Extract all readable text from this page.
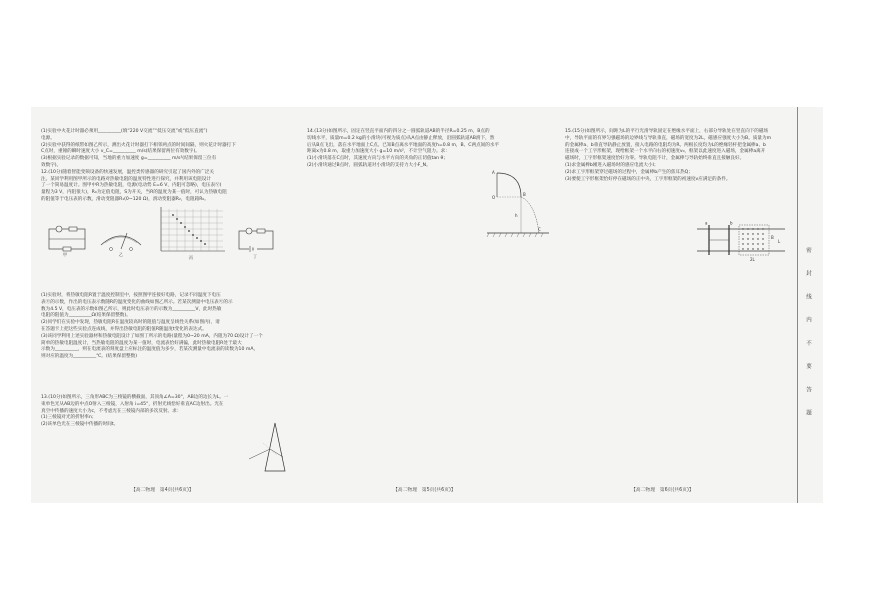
(1)实验中火花计时器必须用__________(填“220 V交流”“低压交流”或“低压直流”)
电源。
(2)实验中获得的纸带如图乙所示，测出火花计时器打下相邻两点的时间间隔，则火花计时器打下
C点时，重锤的瞬时速度大小 v_C=__________ m/s(结果保留两位有效数字)。
(3)根据实验记录的数据可知，当地的重力加速度 g=__________ m/s²(结果保留三位有
效数字)。
12.(10分)随着智能变频设备的快速发展，温控类传感器的研究引起了国内外的广泛关
注。某同学利用图甲所示的电路对热敏电阻的温度特性进行探究，并利用该电阻设计
了一个简易温度计。图甲中R为热敏电阻，电源(电动势 E=6 V，内阻可忽略)，电压表Ⓥ(
量程为3 V，内阻很大)，R₀为定值电阻，S为开关，当R的温度为某一值时，可认为热敏电阻
的阻值等于电压表的示数，滑动变阻器R₁(0~120 Ω)，滑动变阻器R₂，电阻箱R₀。
甲	乙
丙	丁
(1)实验时，将热敏电阻R置于温度控制室中，按照图甲连接好电路，记录不同温度下电压
表Ⓥ的示数，作出的电压表示数随R的温度变化的曲线如图乙所示。若某次测量中电压表Ⓥ的示
数为4.5 V，电压表的示数如图乙所示，则此时电压表Ⓥ的示数为__________V，此时热敏
电阻的阻值为__________Ω(结果保留整数)。
(2)同学们在实验中发现，热敏电阻R在温度较高时的阻值与温度呈线性关系(如图丙)，请
在答题卡上把这些实验点连成线，并得出热敏电阻的阻值R随温度t变化的表达式。
(3)该同学利用上述实验器材和热敏电阻设计了如图丁所示的电路(量程为0~20 mA，内阻为70 Ω)设计了一个
简单的热敏电阻温度计，当热敏电阻的温度为某一值时，电流表恰好满偏，此时热敏电阻R处于最大
示数为__________，则在电流表的刻度盘上应标注的温度值为多少，若某次测量中电流表的读数为10 mA，
则对应的温度为__________℃。(结果保留整数)
13.(10分)如图所示，三角形ABC为三棱镜的横截面，其顶角∠A=30°，AB边的边长为L。一
束单色光从AB边的中点O射入三棱镜，入射角 i=45°，折射光线恰好垂直AC边射出。光在
真空中传播的速度大小为c，不考虑光在三棱镜内部的多次反射。求：
(1)三棱镜对光的折射率n；
(2)该单色光在三棱镜中传播的时间t。
【高二物理　第4页(共6页)】
14.(13分)如图所示，固定在竖直平面内的四分之一圆弧轨道AB的半径R=0.25 m，B点的
切线水平，质量m=0.2 kg的小滑块(可视为质点)从A点由静止释放，沿圆弧轨道AB滑下，然
后从B点飞出，落在水平地面上C点。已知B点离水平地面的高度h=0.8 m，B、C两点间的水平
距离x为0.8 m，取重力加速度大小 g=10 m/s²，不计空气阻力。求：
(1)小滑块落在C点时，其速度方向与水平方向的夹角的正切值tan θ；
(2)小滑块通过B点时，圆弧轨道对小滑块的支持力大小F_N。
A
O
B
h
C
【高二物理　第5页(共6页)】
15.(15分)如图所示，间距为L的平行光滑导轨固定在绝缘水平面上，右部分导轨处在竖直向下的磁场
中，导轨平面的有界匀强磁场的边界线与导轨垂直，磁场的宽度为2L，磁感应强度大小为B。质量为m
的金属棒a、b垂直导轨静止放置，接入电路的电阻均为R。两根长度均为L的绝缘轻杆把金属棒a、b
连接成一个工字形框架，现给框架一个水平向右的初速度v₀，框架以此速度进入磁场，金属棒a离开
磁场时，工字形框架速度恰好为零。导轨电阻不计，金属棒与导轨始终垂直且接触良好。
(1)求金属棒b刚进入磁场时的感应电流大小I；
(2)求工字形框架穿过磁场的过程中，金属棒b产生的焦耳热Q；
(3)要使工字形框架恰好停在磁场的正中央，工字形框架的初速度v应满足的条件。
a	b
B
L
2L
【高二物理　第6页(共6页)】
密 封 线 内 不 要 答 题
